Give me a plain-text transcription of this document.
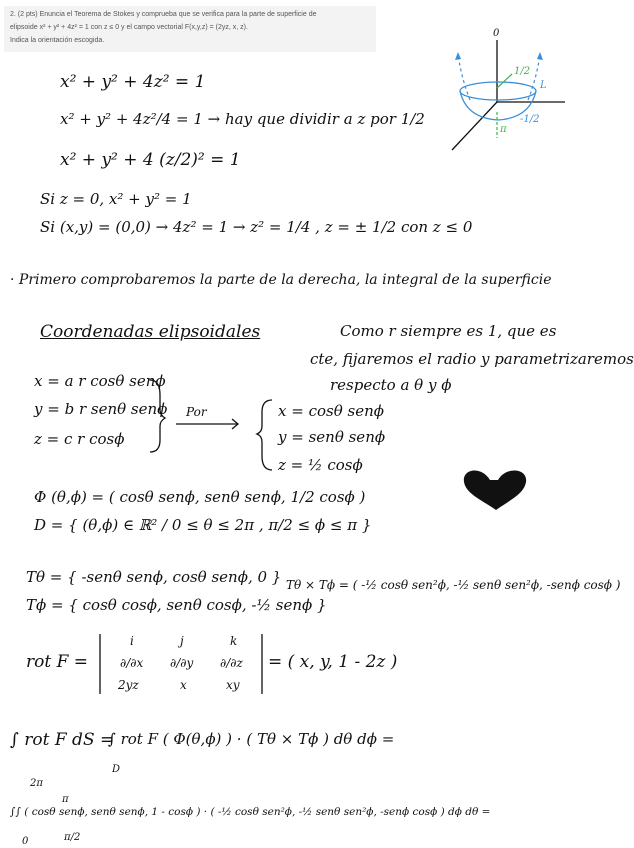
2. (2 pts) Enuncia el Teorema de Stokes y comprueba que se verifica para la parte de superficie de
elipsoide x² + y² + 4z² = 1 con z ≤ 0 y el campo vectorial F(x,y,z) = (2yz, x, z).
Indica la orientación escogida.
0
1/2
L
-1/2
π
x² + y² + 4z² = 1
x² + y² + 4z²/4 = 1 → hay que dividir a z por 1/2
x² + y² + 4 (z/2)² = 1
Si z = 0, x² + y² = 1
Si (x,y) = (0,0) → 4z² = 1 → z² = 1/4 , z = ± 1/2 con z ≤ 0
· Primero comprobaremos la parte de la derecha, la integral de la superficie
Coordenadas elipsoidales	Como r siempre es 1, que es
cte, fijaremos el radio y parametrizaremos
respecto a θ y ϕ
x = a r cosθ senϕ
y = b r senθ senϕ
z = c r cosϕ
Por	x = cosθ senϕ
y = senθ senϕ
z = ½ cosϕ
Φ (θ,ϕ) = ( cosθ senϕ, senθ senϕ, 1/2 cosϕ )
D = { (θ,ϕ) ∈ ℝ² / 0 ≤ θ ≤ 2π , π/2 ≤ ϕ ≤ π }
Tθ = { -senθ senϕ, cosθ senϕ, 0 }
Tϕ = { cosθ cosϕ, senθ cosϕ, -½ senϕ }
Tθ × Tϕ = ( -½ cosθ sen²ϕ, -½ senθ sen²ϕ, -senϕ cosϕ )
rot F =
i	j	k
∂/∂x ∂/∂y ∂/∂z
2yz	x	xy
= ( x, y, 1 - 2z )
∫ rot F dS =
∫ rot F ( Φ(θ,ϕ) ) · ( Tθ × Tϕ ) dθ dϕ =
D
2π
π
0	π/2
∫∫ ( cosθ senϕ, senθ senϕ, 1 - cosϕ ) · ( -½ cosθ sen²ϕ, -½ senθ sen²ϕ, -senϕ cosϕ ) dϕ dθ =
